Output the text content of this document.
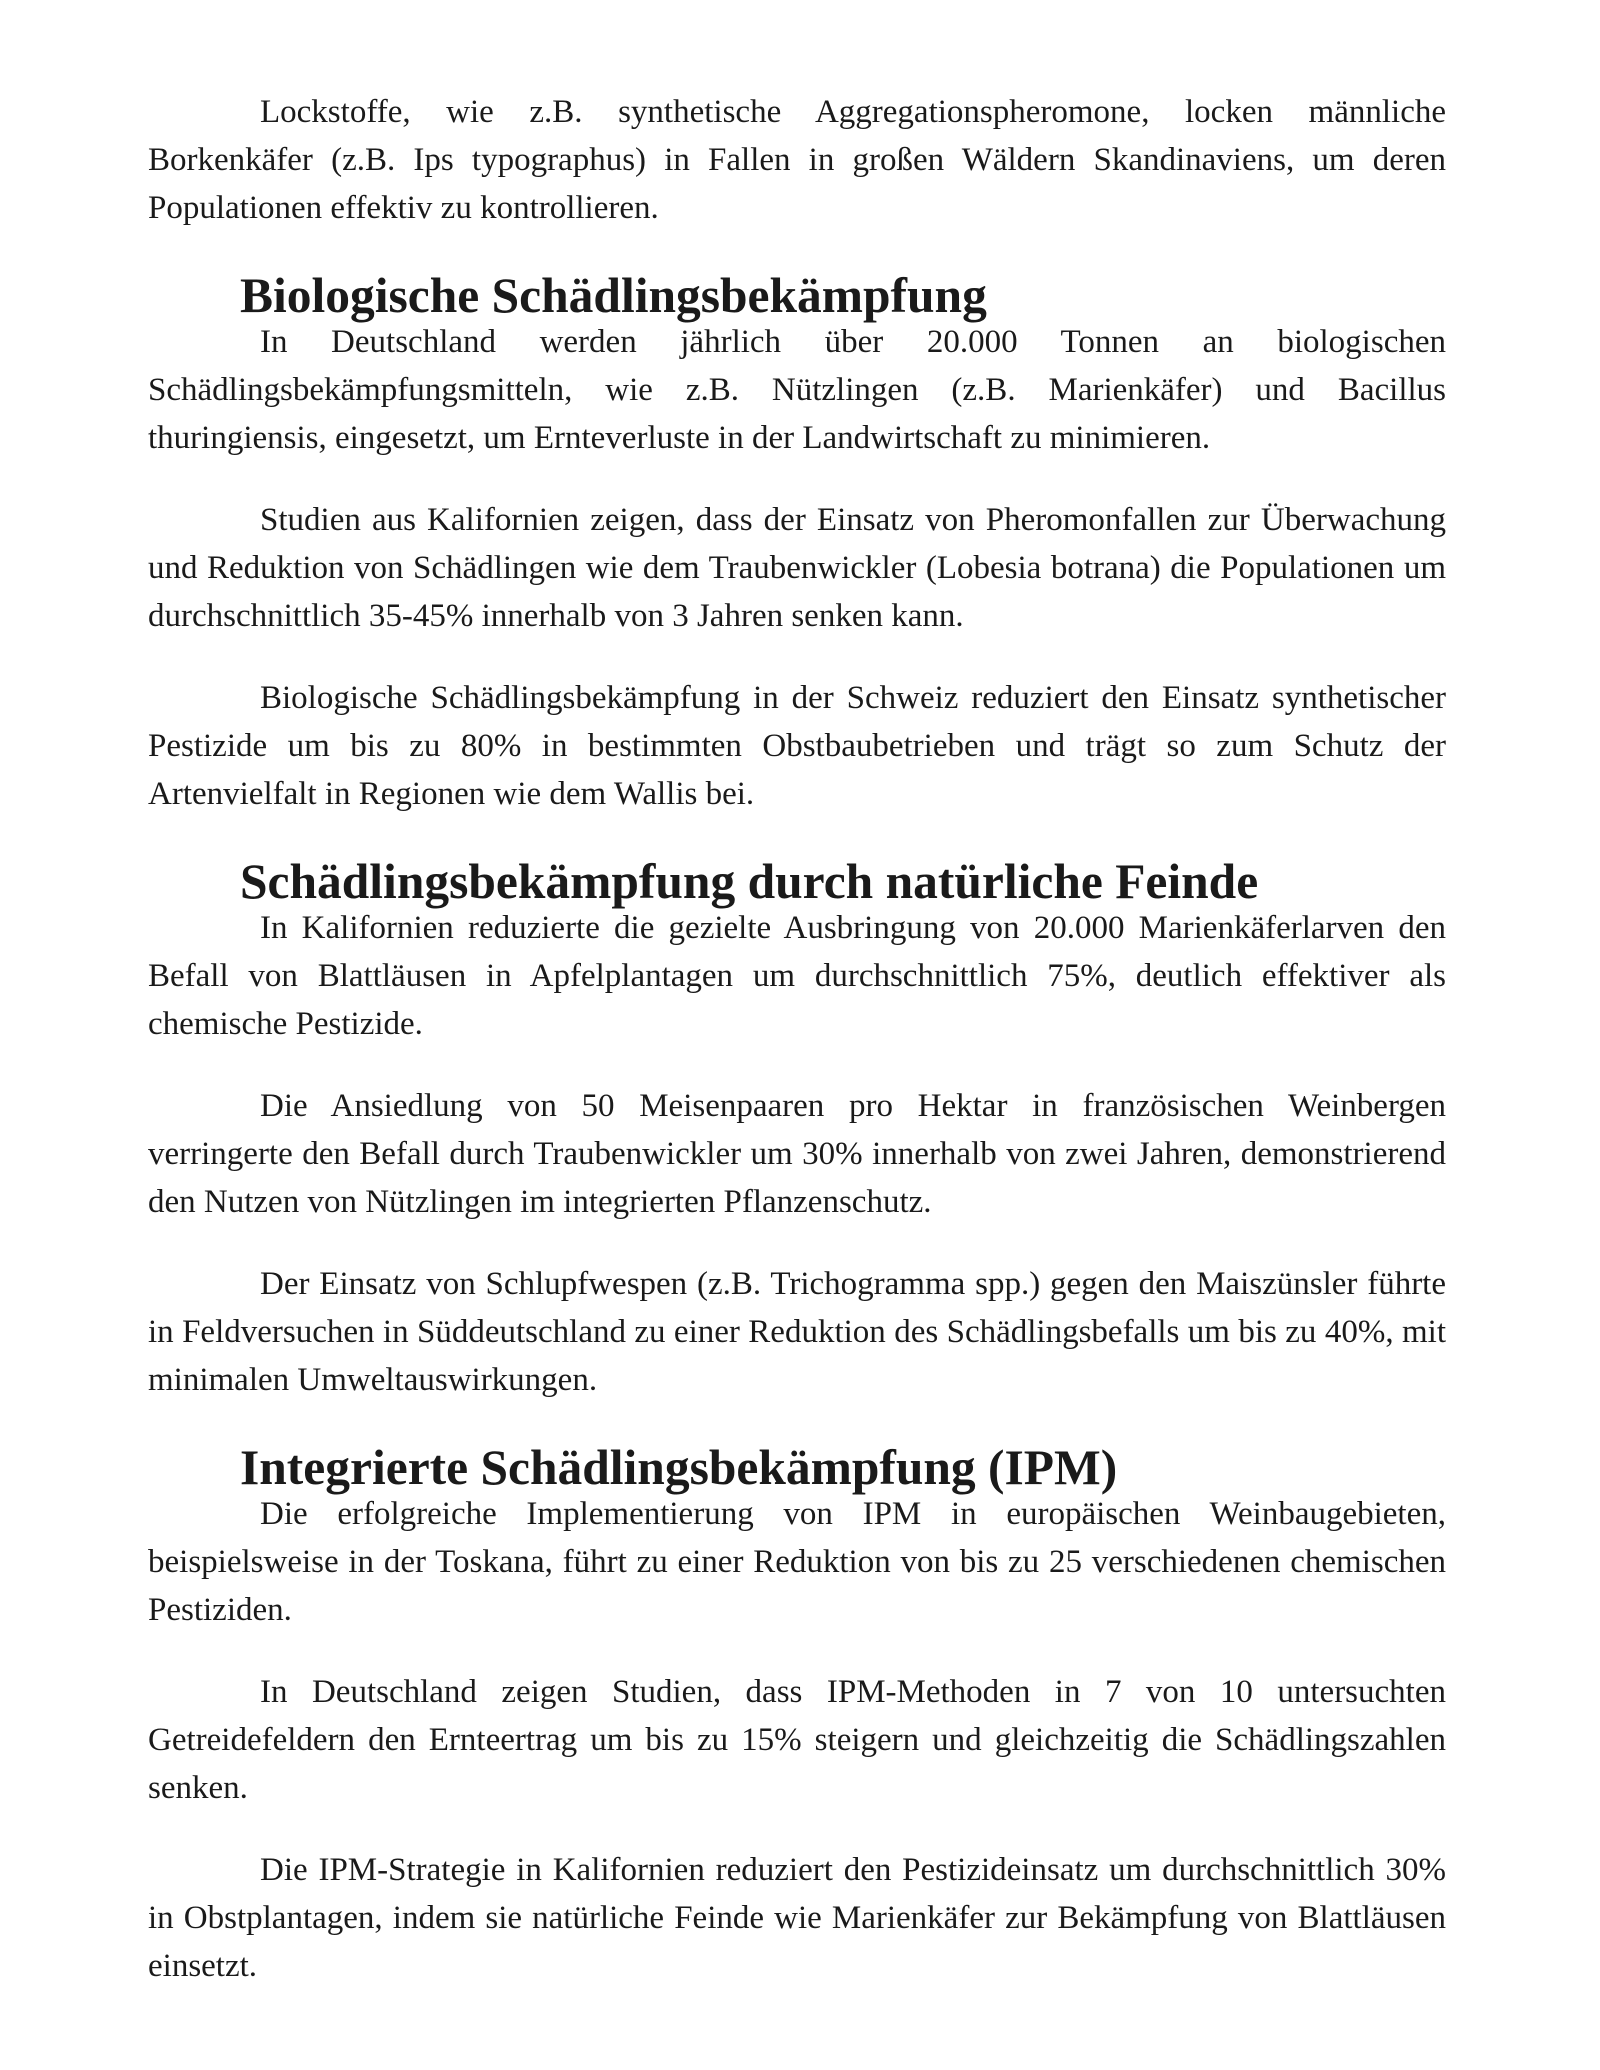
Lockstoffe, wie z.B. synthetische Aggregationspheromone, locken männliche Borkenkäfer (z.B. Ips typographus) in Fallen in großen Wäldern Skandinaviens, um deren Populationen effektiv zu kontrollieren.

Biologische Schädlingsbekämpfung

In Deutschland werden jährlich über 20.000 Tonnen an biologischen Schädlingsbekämpfungsmitteln, wie z.B. Nützlingen (z.B. Marienkäfer) und Bacillus thuringiensis, eingesetzt, um Ernteverluste in der Landwirtschaft zu minimieren.

Studien aus Kalifornien zeigen, dass der Einsatz von Pheromonfallen zur Überwachung und Reduktion von Schädlingen wie dem Traubenwickler (Lobesia botrana) die Populationen um durchschnittlich 35-45% innerhalb von 3 Jahren senken kann.

Biologische Schädlingsbekämpfung in der Schweiz reduziert den Einsatz synthetischer Pestizide um bis zu 80% in bestimmten Obstbaubetrieben und trägt so zum Schutz der Artenvielfalt in Regionen wie dem Wallis bei.

Schädlingsbekämpfung durch natürliche Feinde

In Kalifornien reduzierte die gezielte Ausbringung von 20.000 Marienkäferlarven den Befall von Blattläusen in Apfelplantagen um durchschnittlich 75%, deutlich effektiver als chemische Pestizide.

Die Ansiedlung von 50 Meisenpaaren pro Hektar in französischen Weinbergen verringerte den Befall durch Traubenwickler um 30% innerhalb von zwei Jahren, demonstrierend den Nutzen von Nützlingen im integrierten Pflanzenschutz.

Der Einsatz von Schlupfwespen (z.B. Trichogramma spp.) gegen den Maiszünsler führte in Feldversuchen in Süddeutschland zu einer Reduktion des Schädlingsbefalls um bis zu 40%, mit minimalen Umweltauswirkungen.

Integrierte Schädlingsbekämpfung (IPM)

Die erfolgreiche Implementierung von IPM in europäischen Weinbaugebieten, beispielsweise in der Toskana, führt zu einer Reduktion von bis zu 25 verschiedenen chemischen Pestiziden.

In Deutschland zeigen Studien, dass IPM-Methoden in 7 von 10 untersuchten Getreidefeldern den Ernteertrag um bis zu 15% steigern und gleichzeitig die Schädlingszahlen senken.

Die IPM-Strategie in Kalifornien reduziert den Pestizideinsatz um durchschnittlich 30% in Obstplantagen, indem sie natürliche Feinde wie Marienkäfer zur Bekämpfung von Blattläusen einsetzt.
